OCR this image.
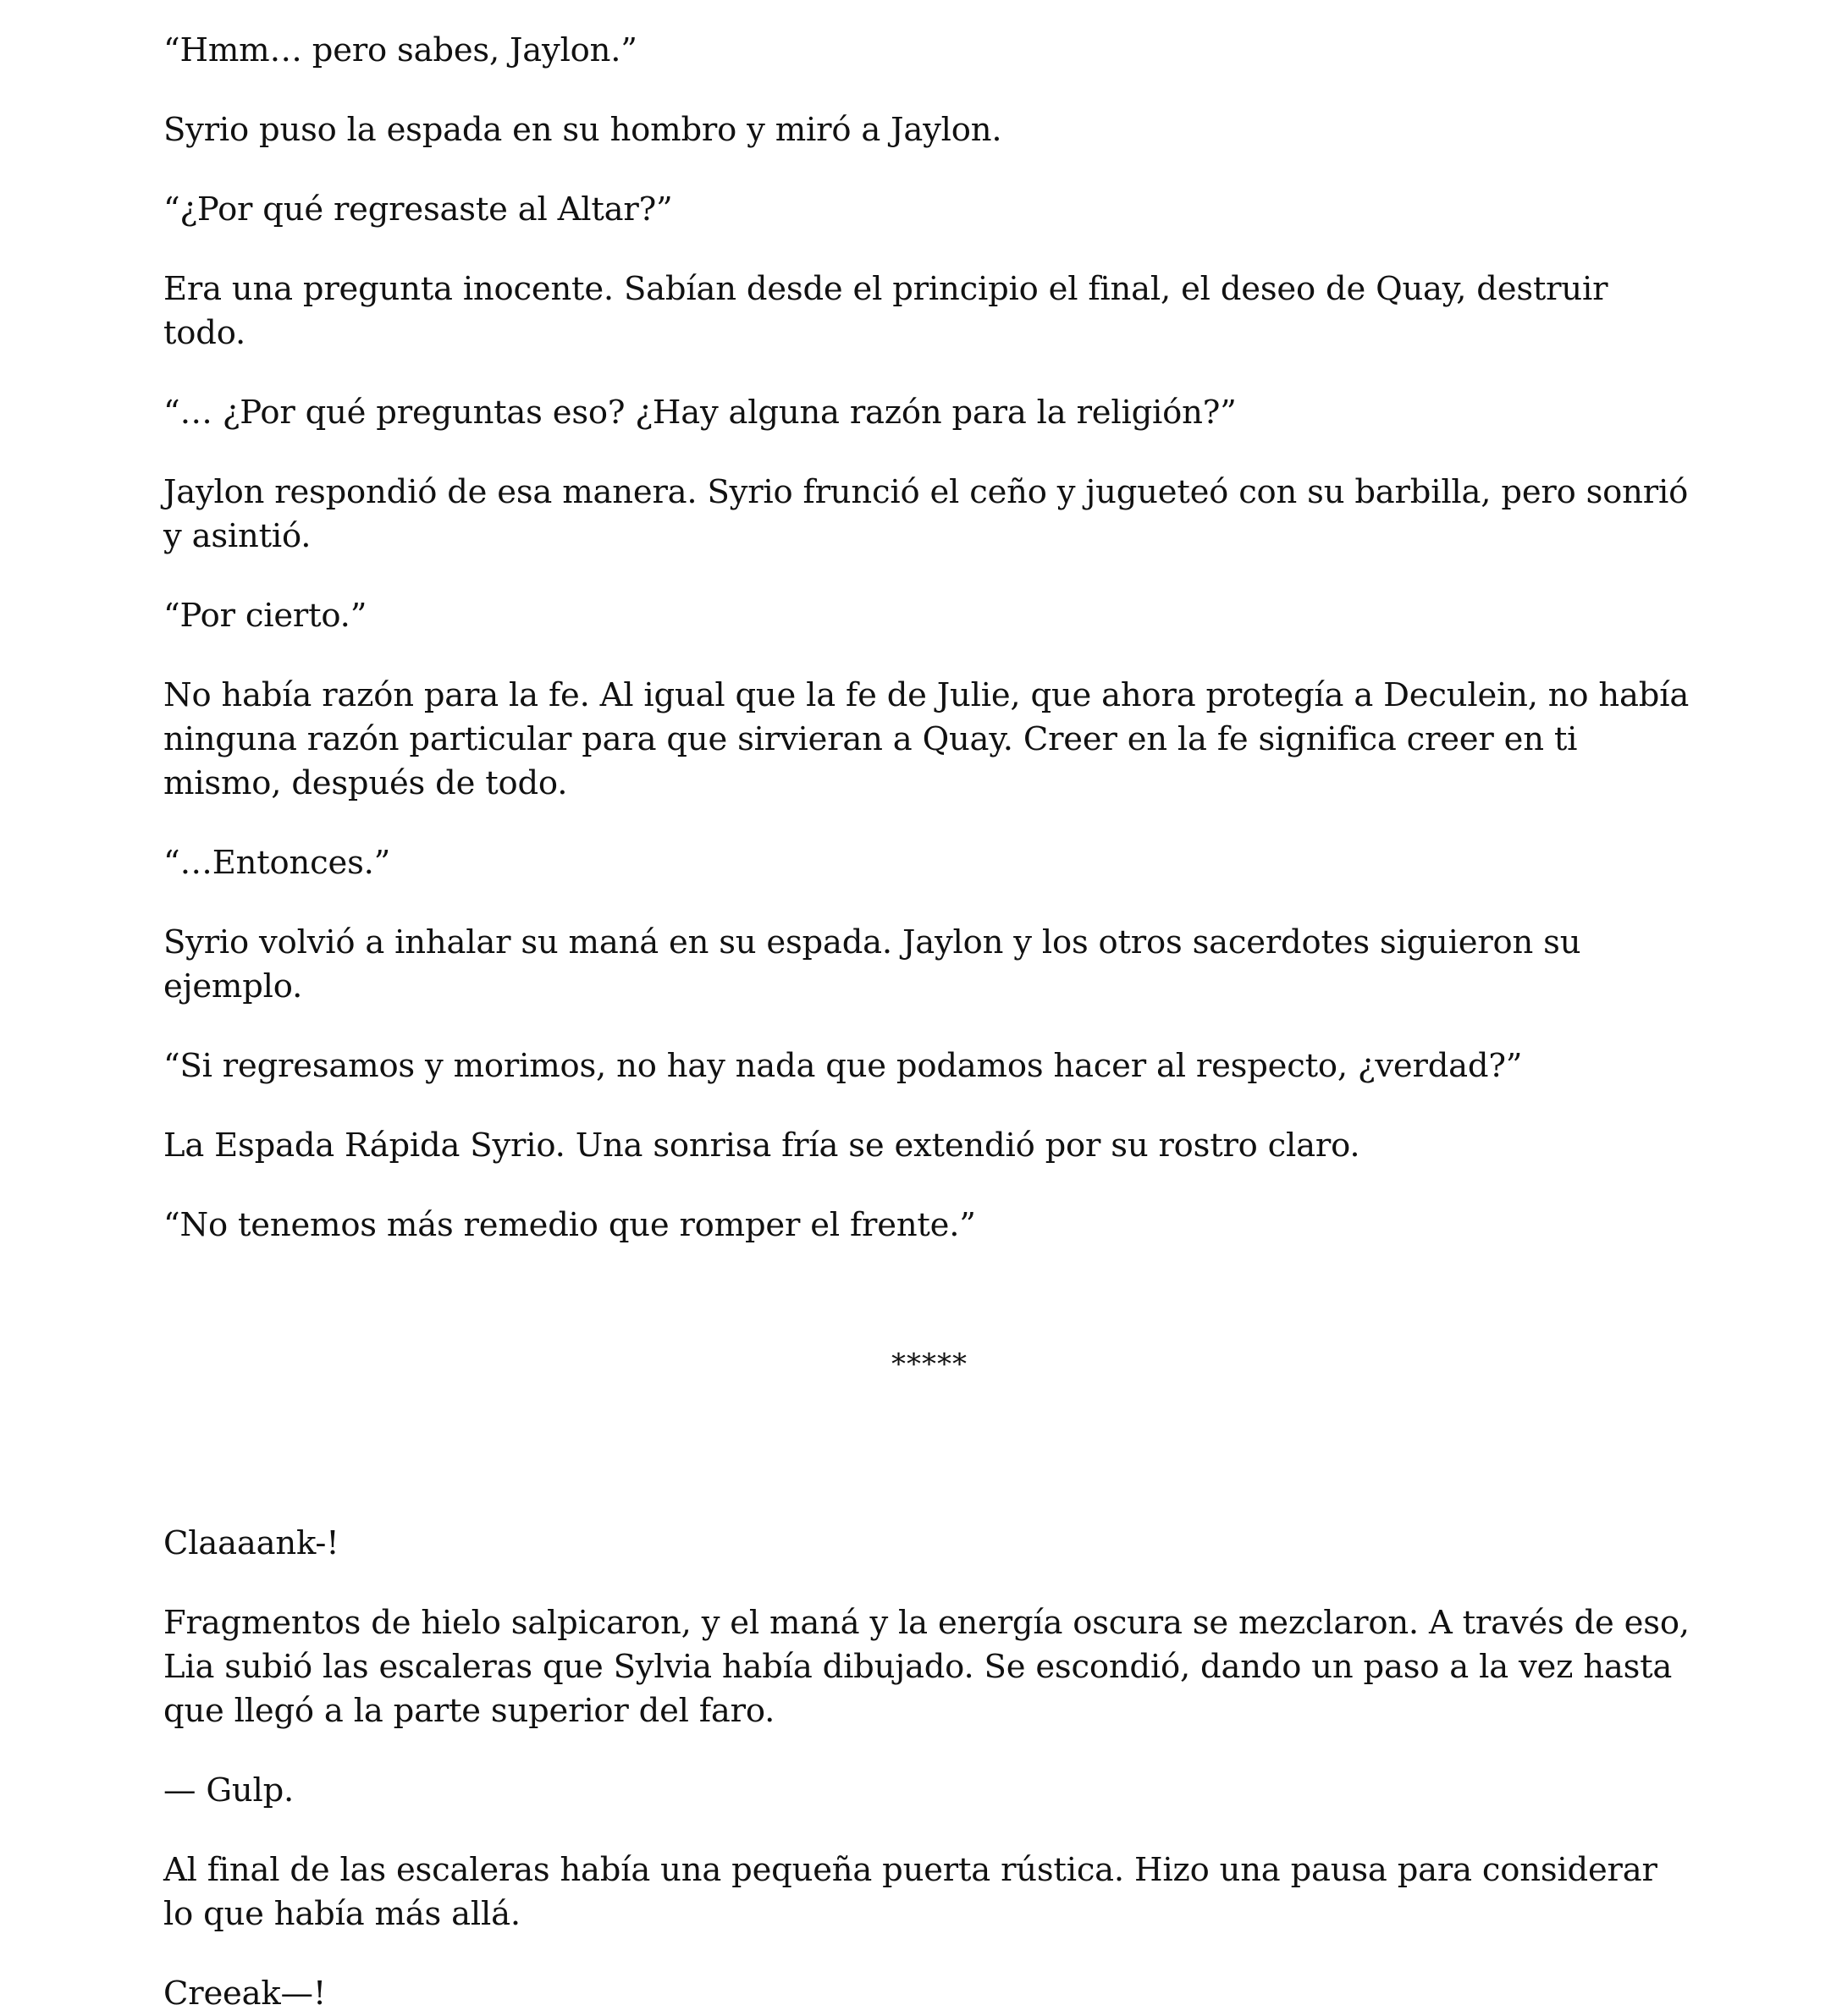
“Hmm… pero sabes, Jaylon.”

Syrio puso la espada en su hombro y miró a Jaylon.

“¿Por qué regresaste al Altar?”

Era una pregunta inocente. Sabían desde el principio el final, el deseo de Quay, destruir todo.

“… ¿Por qué preguntas eso? ¿Hay alguna razón para la religión?”

Jaylon respondió de esa manera. Syrio frunció el ceño y jugueteó con su barbilla, pero sonrió y asintió.

“Por cierto.”

No había razón para la fe. Al igual que la fe de Julie, que ahora protegía a Deculein, no había ninguna razón particular para que sirvieran a Quay. Creer en la fe significa creer en ti mismo, después de todo.

“…Entonces.”

Syrio volvió a inhalar su maná en su espada. Jaylon y los otros sacerdotes siguieron su ejemplo.

“Si regresamos y morimos, no hay nada que podamos hacer al respecto, ¿verdad?”

La Espada Rápida Syrio. Una sonrisa fría se extendió por su rostro claro.

“No tenemos más remedio que romper el frente.”

*****

Claaaank-!

Fragmentos de hielo salpicaron, y el maná y la energía oscura se mezclaron. A través de eso, Lia subió las escaleras que Sylvia había dibujado. Se escondió, dando un paso a la vez hasta que llegó a la parte superior del faro.

— Gulp.

Al final de las escaleras había una pequeña puerta rústica. Hizo una pausa para considerar lo que había más allá.

Creeak—!
